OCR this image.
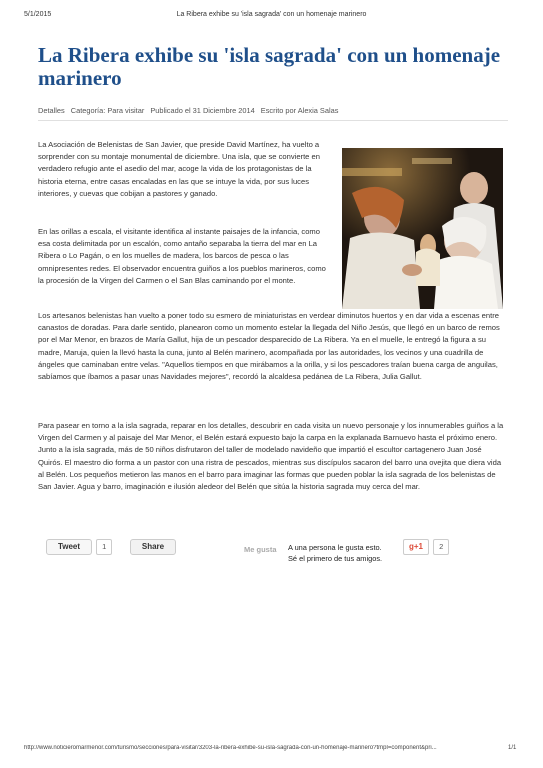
5/1/2015	La Ribera exhibe su 'isla sagrada' con un homenaje marinero
La Ribera exhibe su 'isla sagrada' con un homenaje marinero
Detalles Categoría: Para visitar Publicado el 31 Diciembre 2014 Escrito por Alexia Salas

La Asociación de Belenistas de San Javier, que preside David Martínez, ha vuelto a sorprender con su montaje monumental de diciembre. Una isla, que se convierte en verdadero refugio ante el asedio del mar, acoge la vida de los protagonistas de la historia eterna, entre casas encaladas en las que se intuye la vida, por sus luces interiores, y cuevas que cobijan a pastores y ganado.

En las orillas a escala, el visitante identifica al instante paisajes de la infancia, como esa costa delimitada por un escalón, como antaño separaba la tierra del mar en La Ribera o Lo Pagán, o en los muelles de madera, los barcos de pesca o las omnipresentes redes. El observador encuentra guiños a los pueblos marineros, como la procesión de la Virgen del Carmen o el San Blas caminando por el monte.

Los artesanos belenistas han vuelto a poner todo su esmero de miniaturistas en verdear diminutos huertos y en dar vida a escenas entre canastos de doradas. Para darle sentido, planearon como un momento estelar la llegada del Niño Jesús, que llegó en un barco de remos por el Mar Menor, en brazos de María Gallut, hija de un pescador desparecido de La Ribera. Ya en el muelle, le entregó la figura a su madre, Maruja, quien la llevó hasta la cuna, junto al Belén marinero, acompañada por las autoridades, los vecinos y una cuadrilla de ángeles que caminaban entre velas. "Aquellos tiempos en que mirábamos a la orilla, y si los pescadores traían buena carga de anguilas, sabíamos que íbamos a pasar unas Navidades mejores", recordó la alcaldesa pedánea de La Ribera, Julia Gallut.

Para pasear en torno a la isla sagrada, reparar en los detalles, descubrir en cada visita un nuevo personaje y los innumerables guiños a la Virgen del Carmen y al paisaje del Mar Menor, el Belén estará expuesto bajo la carpa en la explanada Barnuevo hasta el próximo enero. Junto a la isla sagrada, más de 50 niños disfrutaron del taller de modelado navideño que impartió el escultor cartagenero Juan José Quirós. El maestro dio forma a un pastor con una ristra de pescados, mientras sus discípulos sacaron del barro una ovejita que diera vida al Belén. Los pequeños metieron las manos en el barro para imaginar las formas que pueden poblar la isla sagrada de los belenistas de San Javier. Agua y barro, imaginación e ilusión aledeor del Belén que sitúa la historia sagrada muy cerca del mar.

Tweet	1	Share	Me gusta A una persona le gusta esto.
Sé el primero de tus amigos.
g+1 2
http://www.noticieromarmenor.com/turismo/secciones/para-visitar/3203-la-ribera-exhibe-su-isla-sagrada-con-un-homenaje-marinero?tmpl=component&pri...	1/1
